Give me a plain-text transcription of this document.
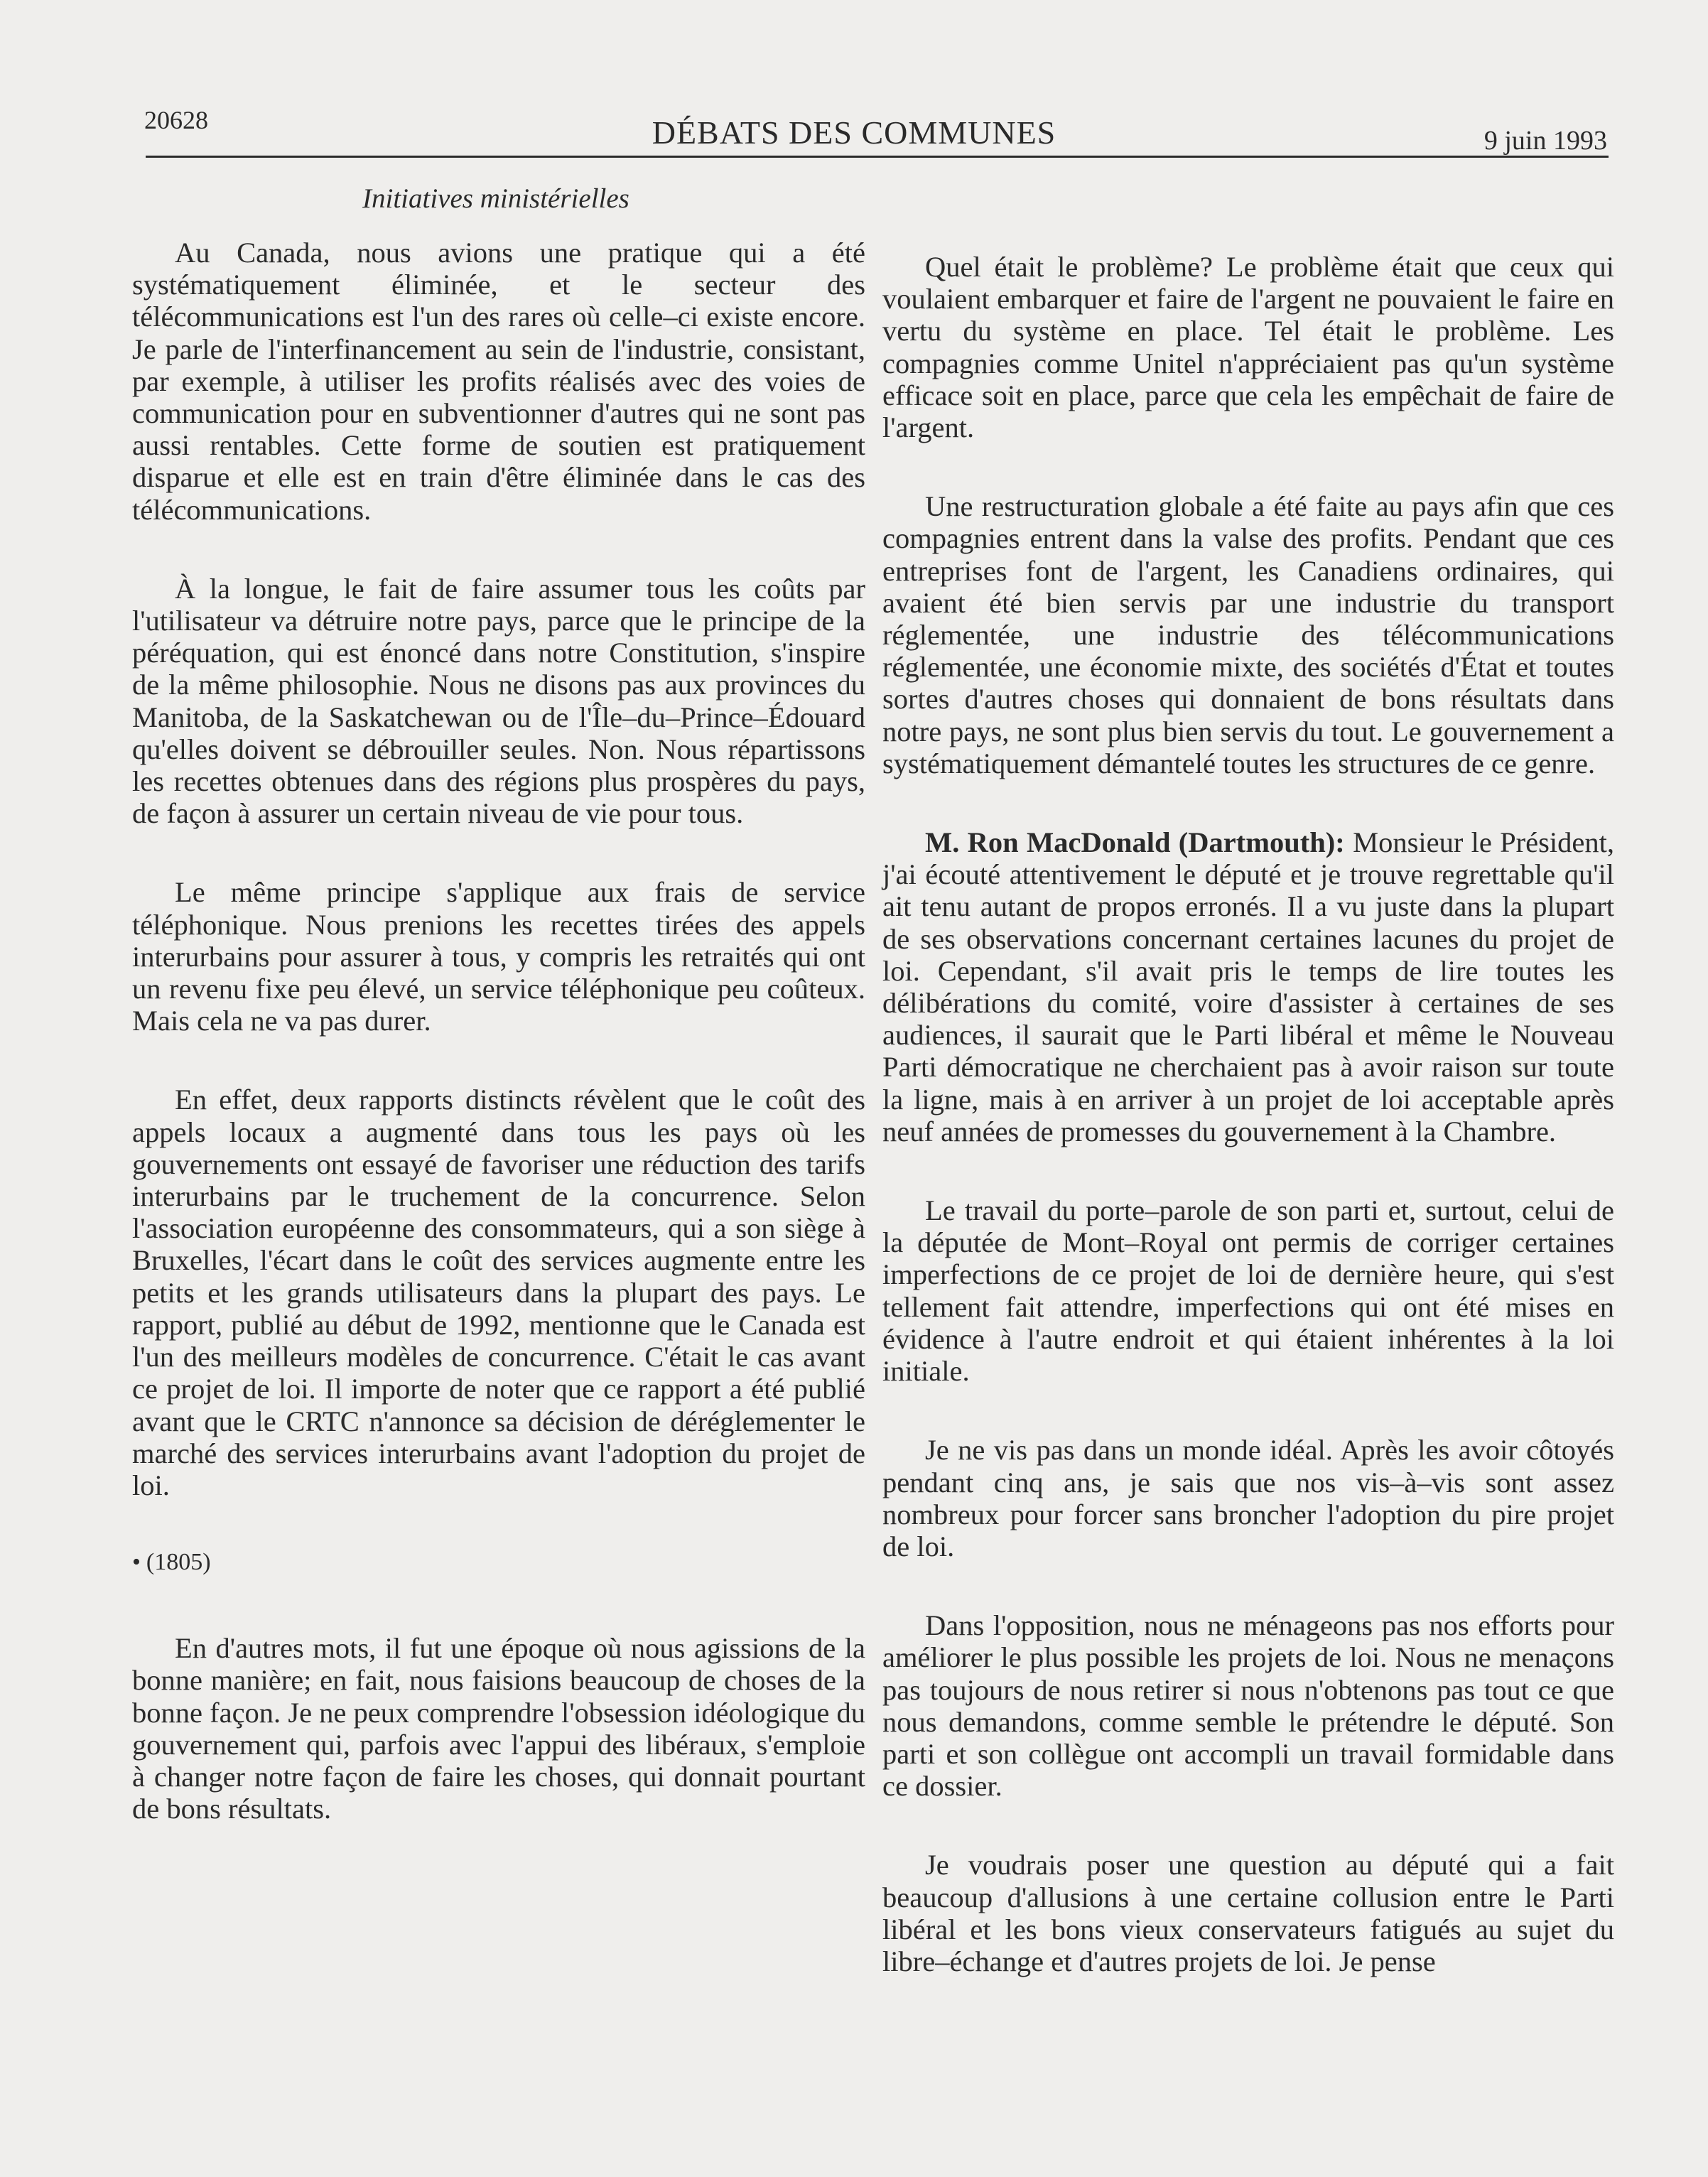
20628	DÉBATS DES COMMUNES	9 juin 1993
Initiatives ministérielles

Au Canada, nous avions une pratique qui a été systématiquement éliminée, et le secteur des télécommunications est l'un des rares où celle–ci existe encore. Je parle de l'interfinancement au sein de l'industrie, consistant, par exemple, à utiliser les profits réalisés avec des voies de communication pour en subventionner d'autres qui ne sont pas aussi rentables. Cette forme de soutien est pratiquement disparue et elle est en train d'être éliminée dans le cas des télécommunications.

À la longue, le fait de faire assumer tous les coûts par l'utilisateur va détruire notre pays, parce que le principe de la péréquation, qui est énoncé dans notre Constitution, s'inspire de la même philosophie. Nous ne disons pas aux provinces du Manitoba, de la Saskatchewan ou de l'Île–du–Prince–Édouard qu'elles doivent se débrouiller seules. Non. Nous répartissons les recettes obtenues dans des régions plus prospères du pays, de façon à assurer un certain niveau de vie pour tous.

Le même principe s'applique aux frais de service téléphonique. Nous prenions les recettes tirées des appels interurbains pour assurer à tous, y compris les retraités qui ont un revenu fixe peu élevé, un service téléphonique peu coûteux. Mais cela ne va pas durer.

En effet, deux rapports distincts révèlent que le coût des appels locaux a augmenté dans tous les pays où les gouvernements ont essayé de favoriser une réduction des tarifs interurbains par le truchement de la concurrence. Selon l'association européenne des consommateurs, qui a son siège à Bruxelles, l'écart dans le coût des services augmente entre les petits et les grands utilisateurs dans la plupart des pays. Le rapport, publié au début de 1992, mentionne que le Canada est l'un des meilleurs modèles de concurrence. C'était le cas avant ce projet de loi. Il importe de noter que ce rapport a été publié avant que le CRTC n'annonce sa décision de déréglementer le marché des services interurbains avant l'adoption du projet de loi.

• (1805)

En d'autres mots, il fut une époque où nous agissions de la bonne manière; en fait, nous faisions beaucoup de choses de la bonne façon. Je ne peux comprendre l'obsession idéologique du gouvernement qui, parfois avec l'appui des libéraux, s'emploie à changer notre façon de faire les choses, qui donnait pourtant de bons résultats.

Quel était le problème? Le problème était que ceux qui voulaient embarquer et faire de l'argent ne pouvaient le faire en vertu du système en place. Tel était le problème. Les compagnies comme Unitel n'appréciaient pas qu'un système efficace soit en place, parce que cela les empêchait de faire de l'argent.

Une restructuration globale a été faite au pays afin que ces compagnies entrent dans la valse des profits. Pendant que ces entreprises font de l'argent, les Canadiens ordinaires, qui avaient été bien servis par une industrie du transport réglementée, une industrie des télécommunications réglementée, une économie mixte, des sociétés d'État et toutes sortes d'autres choses qui donnaient de bons résultats dans notre pays, ne sont plus bien servis du tout. Le gouvernement a systématiquement démantelé toutes les structures de ce genre.

M. Ron MacDonald (Dartmouth): Monsieur le Président, j'ai écouté attentivement le député et je trouve regrettable qu'il ait tenu autant de propos erronés. Il a vu juste dans la plupart de ses observations concernant certaines lacunes du projet de loi. Cependant, s'il avait pris le temps de lire toutes les délibérations du comité, voire d'assister à certaines de ses audiences, il saurait que le Parti libéral et même le Nouveau Parti démocratique ne cherchaient pas à avoir raison sur toute la ligne, mais à en arriver à un projet de loi acceptable après neuf années de promesses du gouvernement à la Chambre.

Le travail du porte–parole de son parti et, surtout, celui de la députée de Mont–Royal ont permis de corriger certaines imperfections de ce projet de loi de dernière heure, qui s'est tellement fait attendre, imperfections qui ont été mises en évidence à l'autre endroit et qui étaient inhérentes à la loi initiale.

Je ne vis pas dans un monde idéal. Après les avoir côtoyés pendant cinq ans, je sais que nos vis–à–vis sont assez nombreux pour forcer sans broncher l'adoption du pire projet de loi.

Dans l'opposition, nous ne ménageons pas nos efforts pour améliorer le plus possible les projets de loi. Nous ne menaçons pas toujours de nous retirer si nous n'obtenons pas tout ce que nous demandons, comme semble le prétendre le député. Son parti et son collègue ont accompli un travail formidable dans ce dossier.

Je voudrais poser une question au député qui a fait beaucoup d'allusions à une certaine collusion entre le Parti libéral et les bons vieux conservateurs fatigués au sujet du libre–échange et d'autres projets de loi. Je pense
